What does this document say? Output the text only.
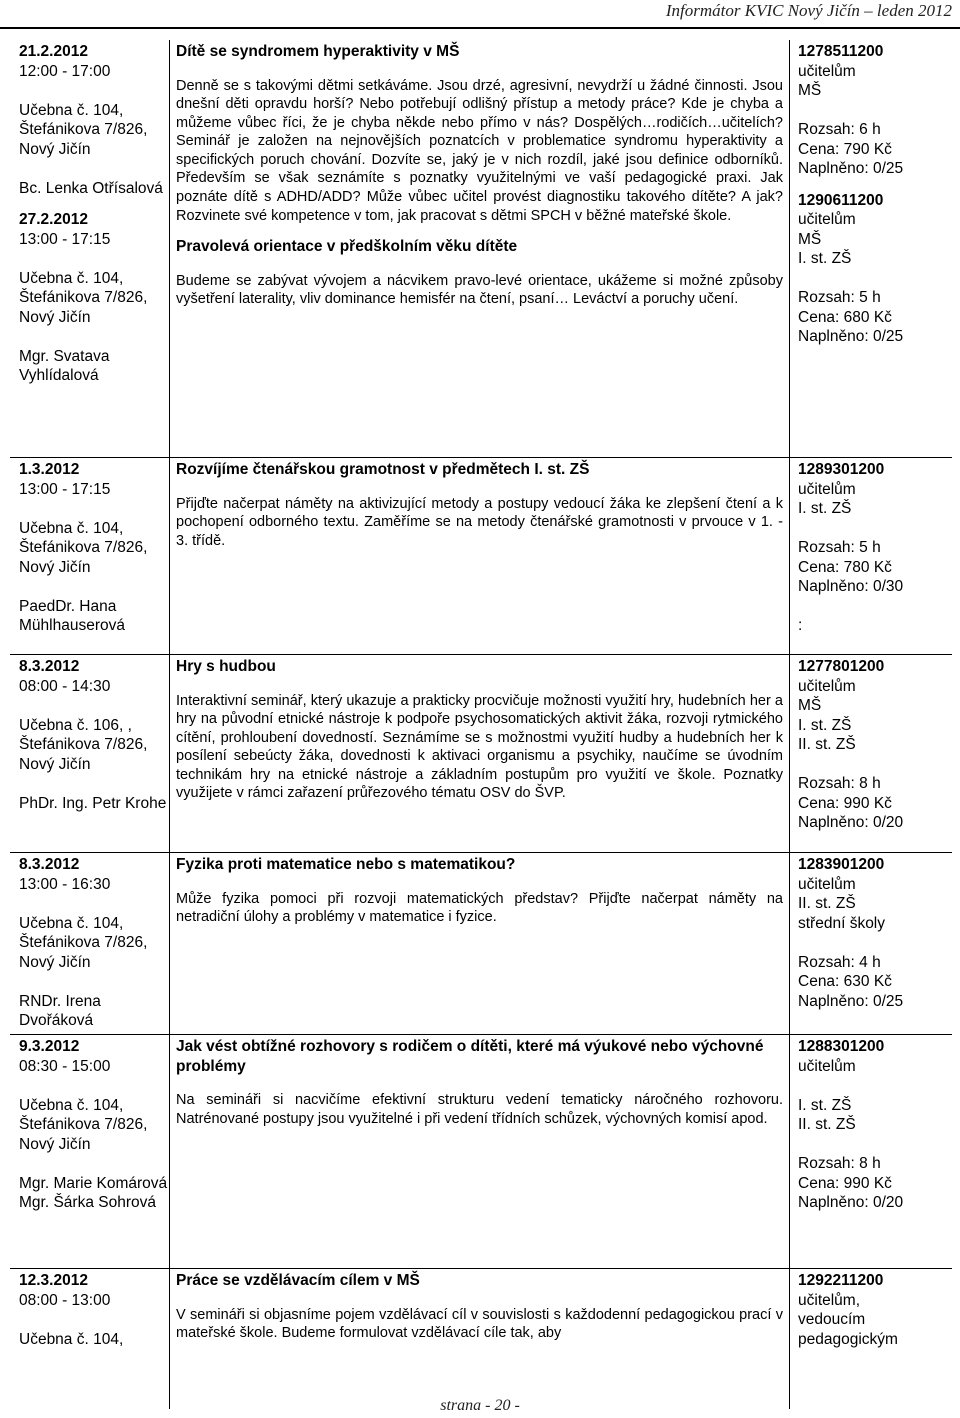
Informátor KVIC Nový Jičín – leden 2012
21.2.2012
12:00 - 17:00
Učebna č. 104,
Štefánikova 7/826,
Nový Jičín
Bc. Lenka Otřísalová
27.2.2012
13:00 - 17:15
Učebna č. 104,
Štefánikova 7/826,
Nový Jičín
Mgr. Svatava Vyhlídalová
Dítě se syndromem hyperaktivity v MŠ
Denně se s takovými dětmi setkáváme. Jsou drzé, agresivní, nevydrží u žádné činnosti. Jsou dnešní děti opravdu horší? Nebo potřebují odlišný přístup a metody práce? Kde je chyba a můžeme vůbec říci, že je chyba někde nebo přímo v nás? Dospělých…rodičích…učitelích? Seminář je založen na nejnovějších poznatcích v problematice syndromu hyperaktivity a specifických poruch chování. Dozvíte se, jaký je v nich rozdíl, jaké jsou definice odborníků. Především se však seznámíte s poznatky využitelnými ve vaší pedagogické praxi. Jak poznáte dítě s ADHD/ADD? Může vůbec učitel provést diagnostiku takového dítěte? A jak? Rozvinete své kompetence v tom, jak pracovat s dětmi SPCH v běžné mateřské škole.
Pravolevá orientace v předškolním věku dítěte
Budeme se zabývat vývojem a nácvikem pravo-levé orientace, ukážeme si možné způsoby vyšetření laterality, vliv dominance hemisfér na čtení, psaní… Leváctví a poruchy učení.
1278511200
učitelům
MŠ
Rozsah: 6 h
Cena: 790 Kč
Naplněno: 0/25
1290611200
učitelům
MŠ
I. st. ZŠ
Rozsah: 5 h
Cena: 680 Kč
Naplněno: 0/25
1.3.2012
13:00 - 17:15
Učebna č. 104,
Štefánikova 7/826,
Nový Jičín
PaedDr. Hana Mühlhauserová
Rozvíjíme čtenářskou gramotnost v předmětech I. st. ZŠ
Přijďte načerpat náměty na aktivizující metody a postupy vedoucí žáka ke zlepšení čtení a k pochopení odborného textu. Zaměříme se na metody čtenářské gramotnosti v prvouce v 1. - 3. třídě.
1289301200
učitelům
I. st. ZŠ
Rozsah: 5 h
Cena: 780 Kč
Naplněno: 0/30

:
8.3.2012
08:00 - 14:30
Učebna č. 106, ,
Štefánikova 7/826,
Nový Jičín
PhDr. Ing. Petr Krohe
Hry s hudbou
Interaktivní seminář, který ukazuje a prakticky procvičuje možnosti využití hry, hudebních her a hry na původní etnické nástroje k podpoře psychosomatických aktivit žáka, rozvoji rytmického cítění, prohloubení dovedností. Seznámíme se s možnostmi využití hudby a hudebních her k posílení sebeúcty žáka, dovednosti k aktivaci organismu a psychiky, naučíme se úvodním technikám hry na etnické nástroje a základním postupům pro využití ve škole. Poznatky využijete v rámci zařazení průřezového tématu OSV do ŠVP.
1277801200
učitelům
MŠ
I. st. ZŠ
II. st. ZŠ
Rozsah: 8 h
Cena: 990 Kč
Naplněno: 0/20
8.3.2012
13:00 - 16:30
Učebna č. 104,
Štefánikova 7/826,
Nový Jičín
RNDr. Irena Dvořáková
Fyzika proti matematice nebo s matematikou?
Může fyzika pomoci při rozvoji matematických představ? Přijďte načerpat náměty na netradiční úlohy a problémy v matematice i fyzice.
1283901200
učitelům
II. st. ZŠ
střední školy
Rozsah: 4 h
Cena: 630 Kč
Naplněno: 0/25
9.3.2012
08:30 - 15:00
Učebna č. 104,
Štefánikova 7/826,
Nový Jičín
Mgr. Marie Komárová
Mgr. Šárka Sohrová
Jak vést obtížné rozhovory s rodičem o dítěti, které má výukové nebo výchovné problémy
Na semináři si nacvičíme efektivní strukturu vedení tematicky náročného rozhovoru. Natrénované postupy jsou využitelné i při vedení třídních schůzek, výchovných komisí apod.
1288301200
učitelům

I. st. ZŠ
II. st. ZŠ
Rozsah: 8 h
Cena: 990 Kč
Naplněno: 0/20
12.3.2012
08:00 - 13:00
Učebna č. 104,
Práce se vzdělávacím cílem v MŠ
V semináři si objasníme pojem vzdělávací cíl v souvislosti s každodenní pedagogickou prací v mateřské škole. Budeme formulovat vzdělávací cíle tak, aby
1292211200
učitelům,
vedoucím
pedagogickým
strana - 20 -
